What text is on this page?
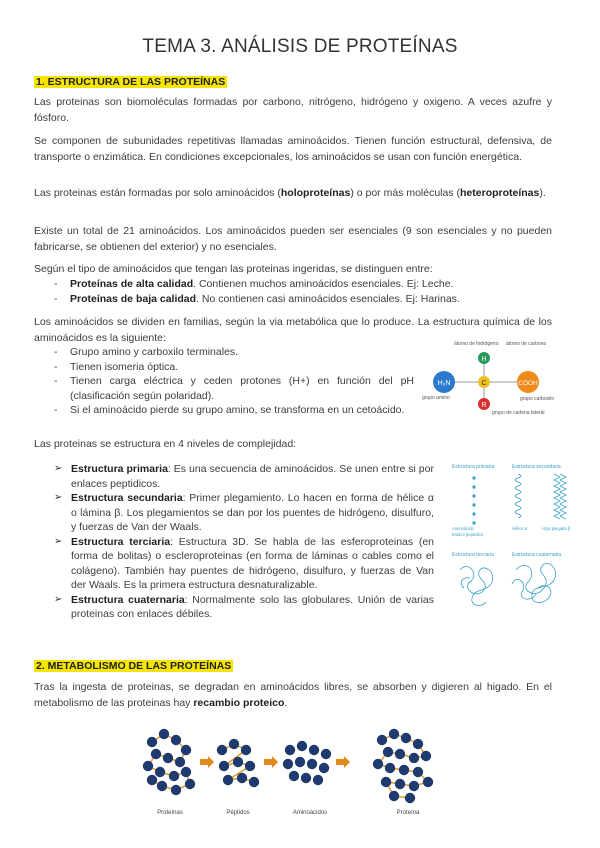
TEMA 3. ANÁLISIS DE PROTEÍNAS
1. ESTRUCTURA DE LAS PROTEÍNAS

Las proteinas son biomoléculas formadas por carbono, nitrógeno, hidrógeno y oxigeno. A veces azufre y fósforo.

Se componen de subunidades repetitivas llamadas aminoácidos. Tienen función estructural, defensiva, de transporte o enzimática. En condiciones excepcionales, los aminoácidos se usan con función energética.

Las proteinas están formadas por solo aminoácidos (holoproteínas) o por más moléculas (heteroproteínas).

Existe un total de 21 aminoácidos. Los aminoácidos pueden ser esenciales (9 son esenciales y no pueden fabricarse, se obtienen del exterior) y no esenciales.

Según el tipo de aminoácidos que tengan las proteinas ingeridas, se distinguen entre:

- Proteínas de alta calidad. Contienen muchos aminoácidos esenciales. Ej: Leche.
- Proteínas de baja calidad. No contienen casi aminoácidos esenciales. Ej: Harinas.

Los aminoácidos se dividen en familias, según la via metabólica que lo produce. La estructura química de los aminoácidos es la siguiente:

- Grupo amino y carboxilo terminales.
- Tienen isomeria óptica.
- Tienen carga eléctrica y ceden protones (H+) en función del pH (clasificación según polaridad).
- Si el aminoácido pierde su grupo amino, se transforma en un cetoácido.
H
C
H₂N	COOH
R
átomo de hidrógeno átomo de carbono
grupo amino	grupo carboxilo
grupo de cadena lateral

Las proteinas se estructura en 4 niveles de complejidad:

➢ Estructura primaria: Es una secuencia de aminoácidos. Se unen entre si por enlaces peptidicos.
➢ Estructura secundaria: Primer plegamiento. Lo hacen en forma de hélice α o lámina β. Los plegamientos se dan por los puentes de hidrógeno, disulfuro, y fuerzas de Van der Waals.
➢ Estructura terciaria: Estructura 3D. Se habla de las esferoproteinas (en forma de bolitas) o escleroproteinas (en forma de láminas o cables como el colágeno). También hay puentes de hidrógeno, disulfuro, y fuerzas de Van der Waals. Es la primera estructura desnaturalizable.
➢ Estructura cuaternaria: Normalmente solo las globulares. Unión de varias proteinas con enlaces débiles.
Estructura primaria	Estructura secundaria
Aminoácido
Enlace peptídico
Hélice α	Hoja plegada β
Estructura terciaria	Estructura cuaternaria
2. METABOLISMO DE LAS PROTEÍNAS

Tras la ingesta de proteinas, se degradan en aminoácidos libres, se absorben y digieren al higado. En el metabolismo de las proteinas hay recambio proteico.

Proteínas	Péptidos	Aminoácidos	Proteína
